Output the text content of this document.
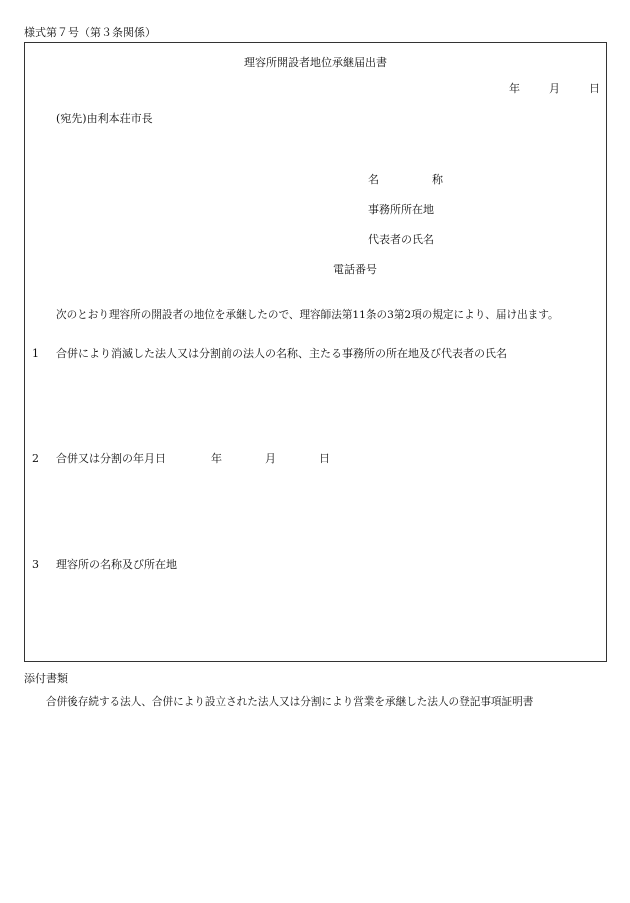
様式第７号（第３条関係）
理容所開設者地位承継届出書
年	月	日
(宛先)由利本荘市長
名	称
事務所所在地
代表者の氏名
電話番号
次のとおり理容所の開設者の地位を承継したので、理容師法第11条の3第2項の規定により、届け出ます。
1 合併により消滅した法人又は分割前の法人の名称、主たる事務所の所在地及び代表者の氏名
2 合併又は分割の年月日	年	月	日
3 理容所の名称及び所在地
添付書類
合併後存続する法人、合併により設立された法人又は分割により営業を承継した法人の登記事項証明書
